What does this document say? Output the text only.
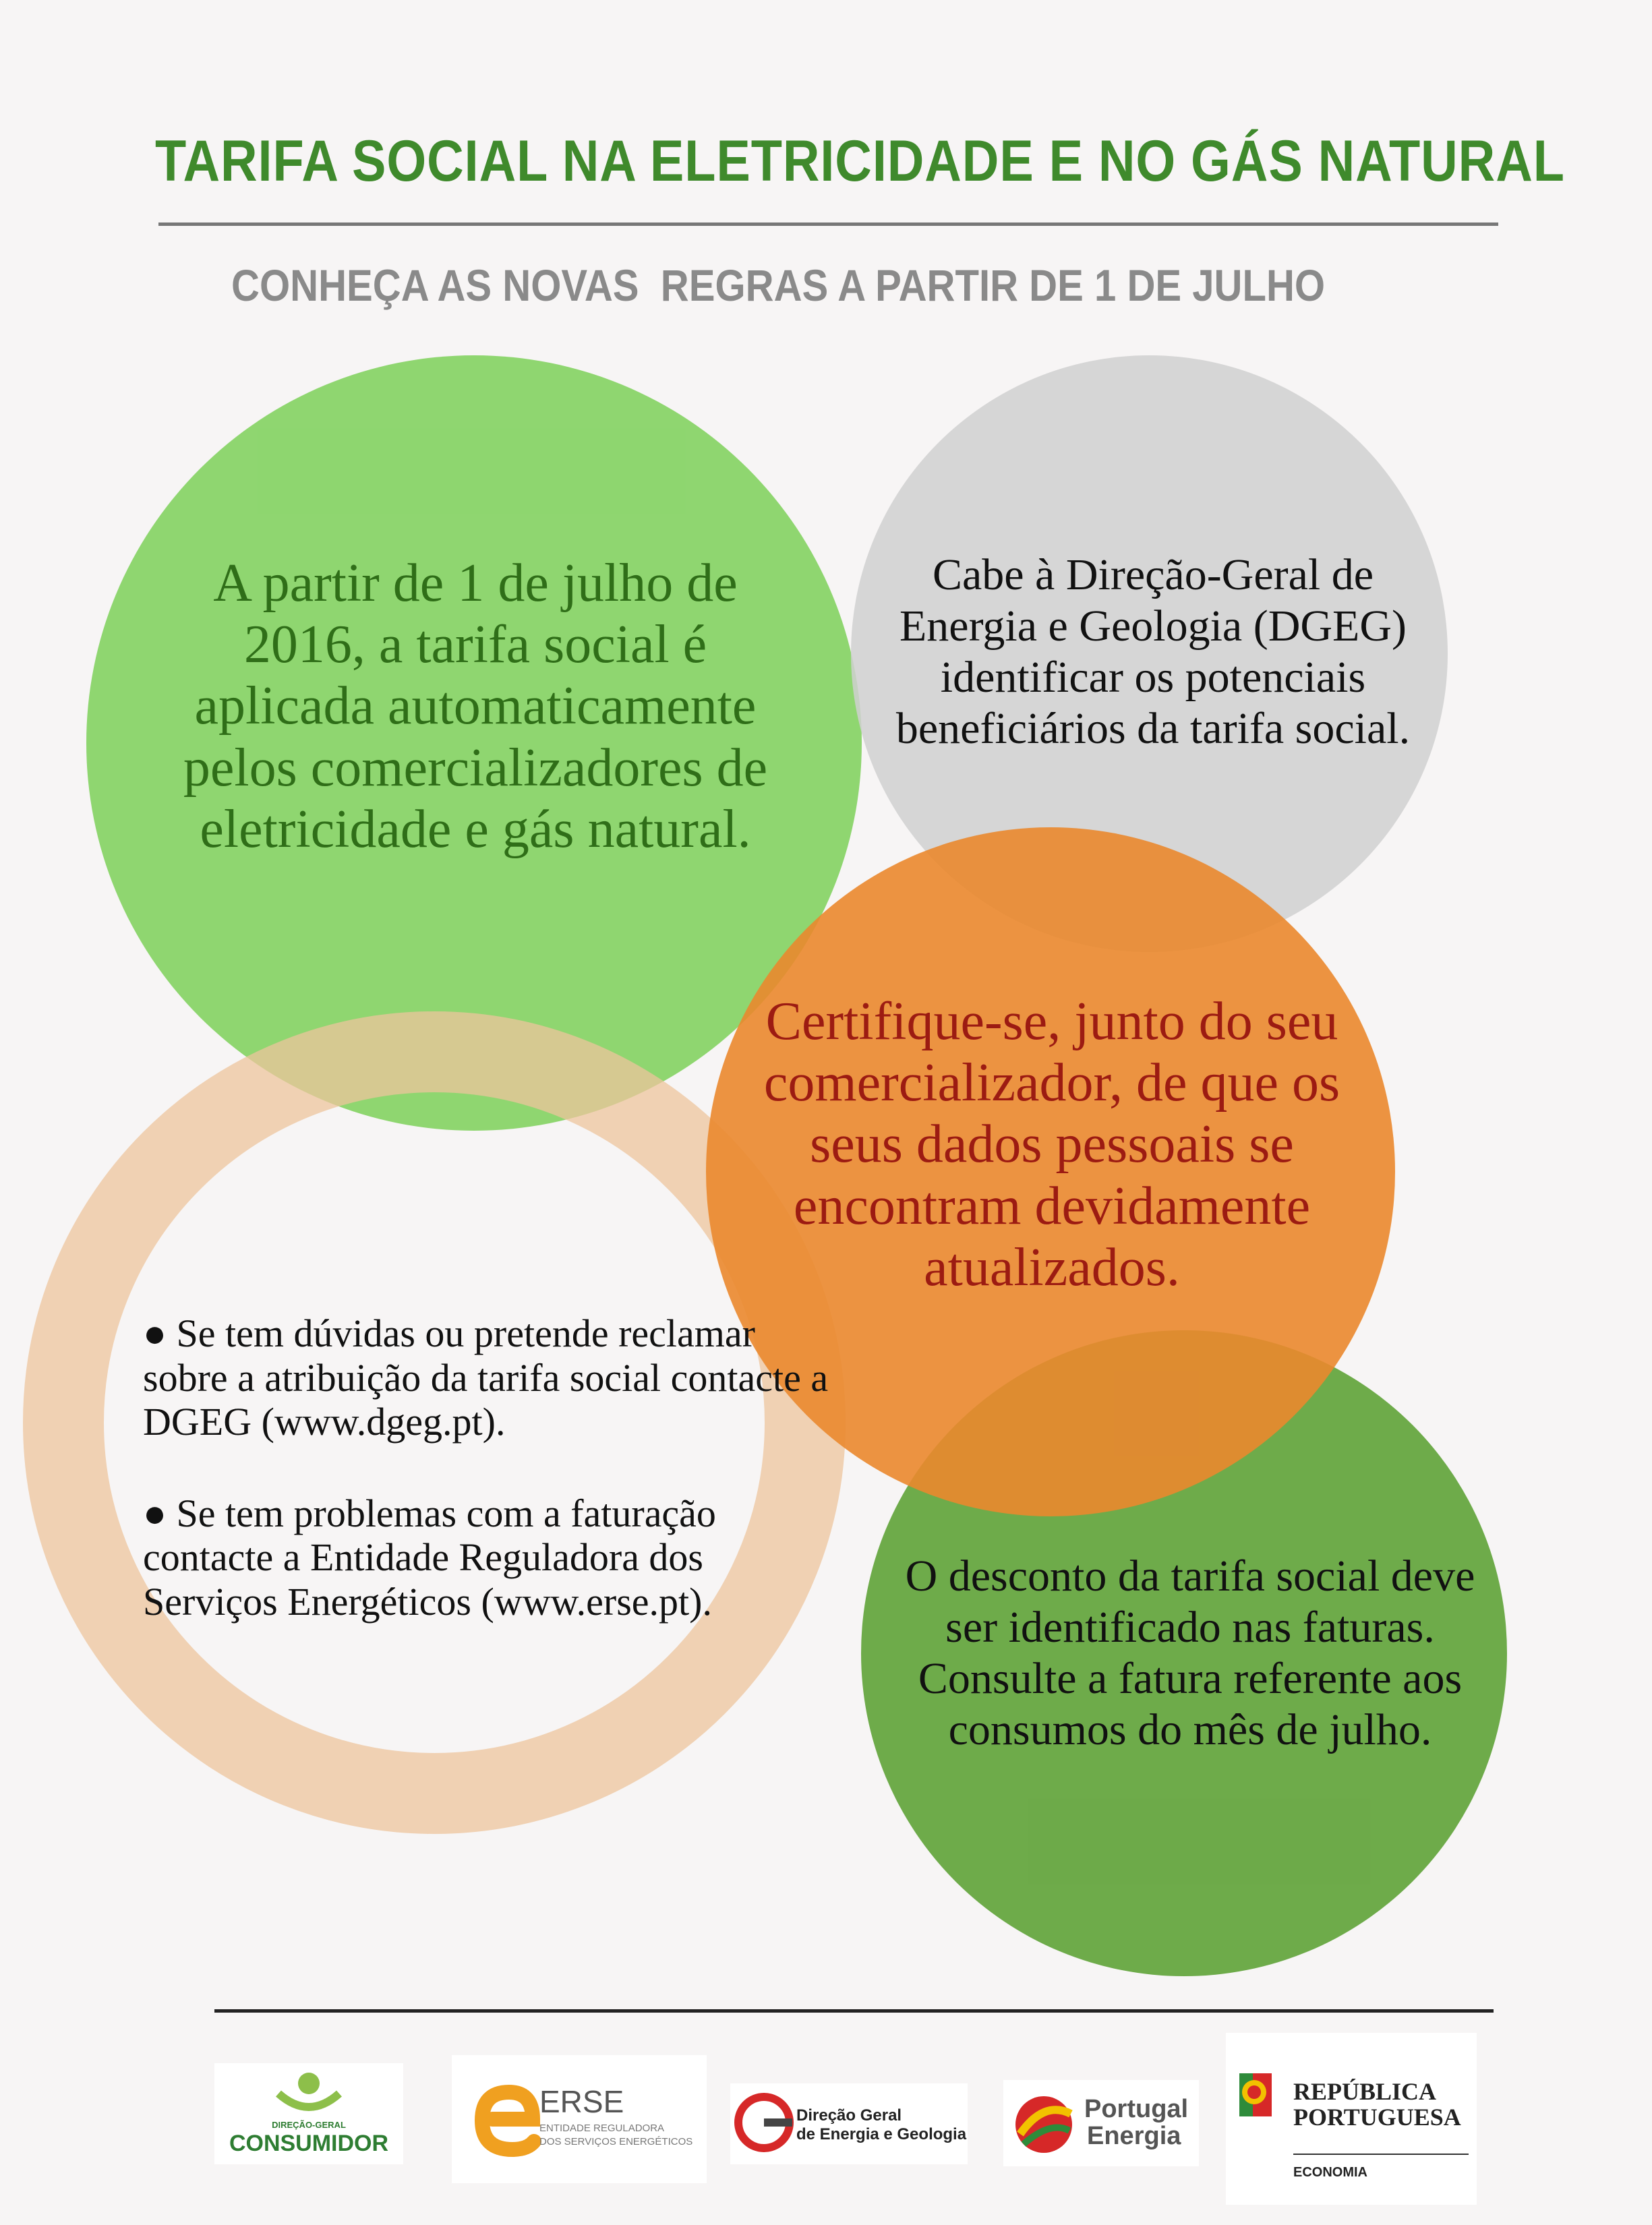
TARIFA SOCIAL NA ELETRICIDADE E NO GÁS NATURAL
CONHEÇA AS NOVAS  REGRAS A PARTIR DE 1 DE JULHO
A partir de 1 de julho de 2016, a tarifa social é aplicada automaticamente pelos comercializadores de eletricidade e gás natural.
Cabe à Direção-Geral de Energia e Geologia (DGEG) identificar os potenciais beneficiários da tarifa social.
Certifique-se, junto do seu comercializador, de que os seus dados pessoais se encontram devidamente atualizados.
O desconto da tarifa social deve ser identificado nas faturas. Consulte a fatura referente aos consumos do mês de julho.

● Se tem dúvidas ou pretende reclamar sobre a atribuição da tarifa social contacte a DGEG (www.dgeg.pt).

● Se tem problemas com a faturação contacte a Entidade Reguladora dos Serviços Energéticos (www.erse.pt).

DIREÇÃO-GERAL
CONSUMIDOR
ERSE
ENTIDADE REGULADORA
DOS SERVIÇOS ENERGÉTICOS
Direção Geral
de Energia e Geologia
Portugal
Energia
REPÚBLICA
PORTUGUESA
ECONOMIA
